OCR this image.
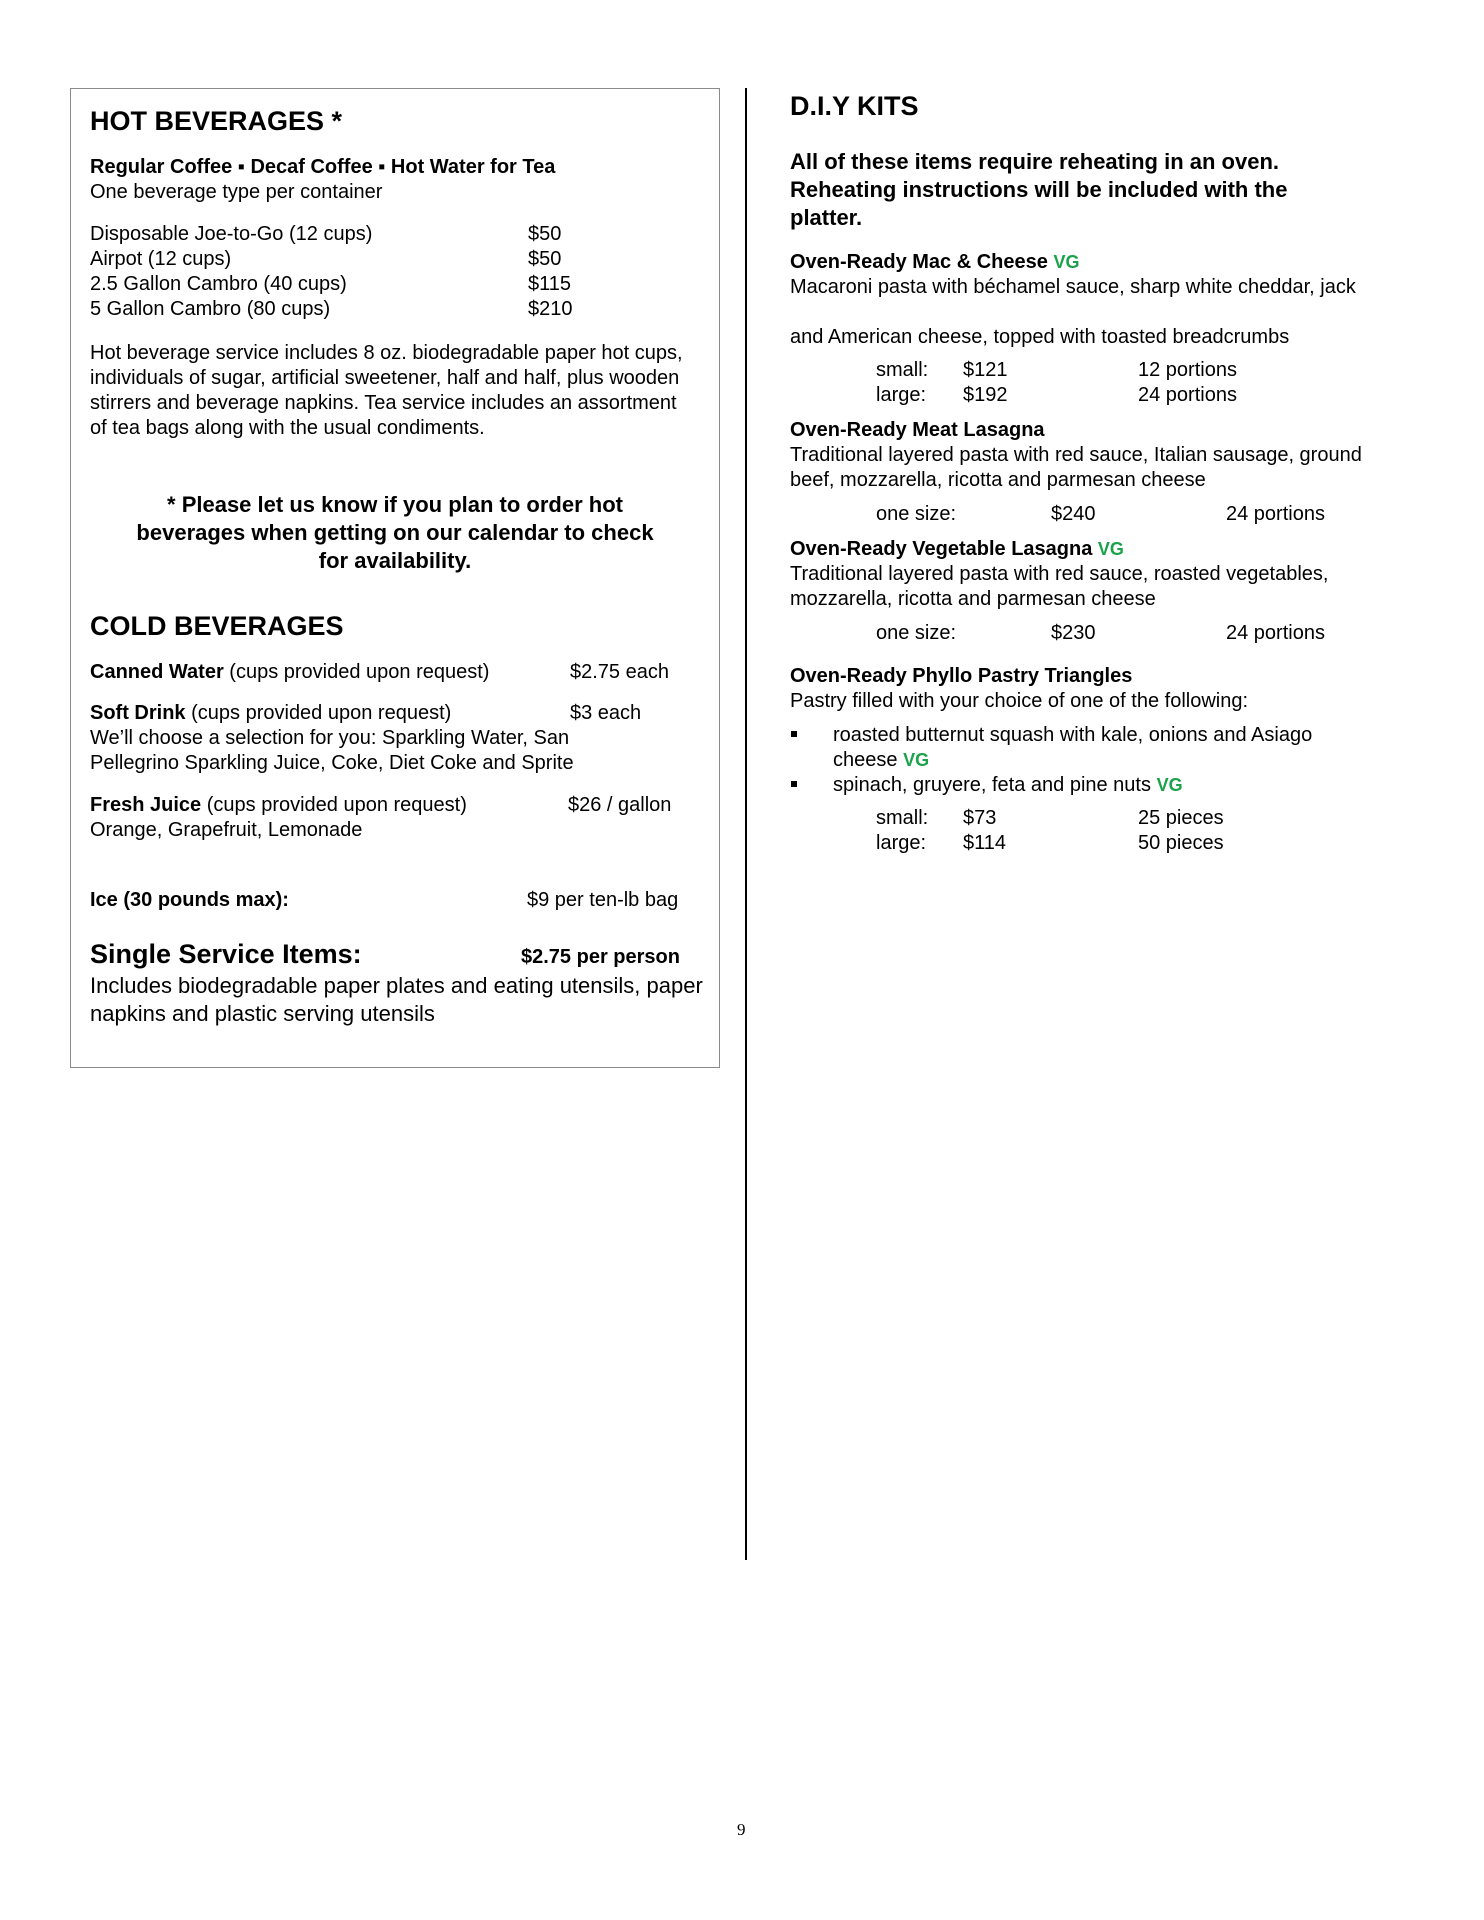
HOT BEVERAGES *
Regular Coffee ▪ Decaf Coffee ▪ Hot Water for Tea
One beverage type per container
Disposable Joe-to-Go (12 cups)	$50
Airpot (12 cups)	$50
2.5 Gallon Cambro (40 cups)	$115
5 Gallon Cambro (80 cups)	$210
Hot beverage service includes 8 oz. biodegradable paper hot cups, individuals of sugar, artificial sweetener, half and half, plus wooden stirrers and beverage napkins. Tea service includes an assortment of tea bags along with the usual condiments.
* Please let us know if you plan to order hot beverages when getting on our calendar to check for availability.
COLD BEVERAGES
Canned Water (cups provided upon request)	$2.75 each
Soft Drink (cups provided upon request)	$3 each
We’ll choose a selection for you: Sparkling Water, San Pellegrino Sparkling Juice, Coke, Diet Coke and Sprite
Fresh Juice (cups provided upon request)	$26 / gallon
Orange, Grapefruit, Lemonade
Ice (30 pounds max):	$9 per ten-lb bag
Single Service Items:	$2.75 per person
Includes biodegradable paper plates and eating utensils, paper napkins and plastic serving utensils
D.I.Y KITS
All of these items require reheating in an oven. Reheating instructions will be included with the platter.
Oven-Ready Mac & Cheese VG
Macaroni pasta with béchamel sauce, sharp white cheddar, jack
and American cheese, topped with toasted breadcrumbs
small: $121	12 portions
large: $192	24 portions
Oven-Ready Meat Lasagna
Traditional layered pasta with red sauce, Italian sausage, ground beef, mozzarella, ricotta and parmesan cheese
one size:	$240	24 portions
Oven-Ready Vegetable Lasagna VG
Traditional layered pasta with red sauce, roasted vegetables, mozzarella, ricotta and parmesan cheese
one size:	$230	24 portions
Oven-Ready Phyllo Pastry Triangles
Pastry filled with your choice of one of the following:
roasted butternut squash with kale, onions and Asiago
cheese VG
spinach, gruyere, feta and pine nuts VG
small: $73	25 pieces
large: $114	50 pieces
9
